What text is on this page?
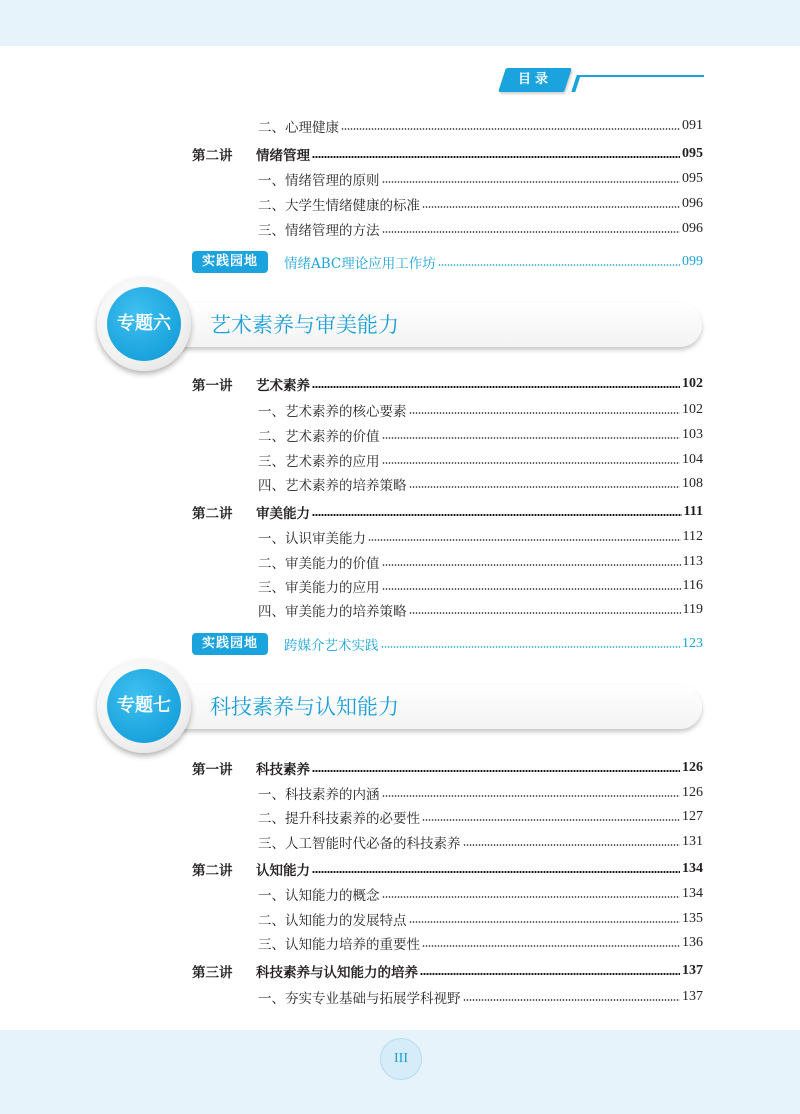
目录
二、心理健康	091
第二讲	情绪管理	095
一、情绪管理的原则	095
二、大学生情绪健康的标准	096
三、情绪管理的方法	096
实践园地	情绪ABC理论应用工作坊	099
艺术素养与审美能力
专题六
第一讲	艺术素养	102
一、艺术素养的核心要素	102
二、艺术素养的价值	103
三、艺术素养的应用	104
四、艺术素养的培养策略	108
第二讲	审美能力	111
一、认识审美能力	112
二、审美能力的价值	113
三、审美能力的应用	116
四、审美能力的培养策略	119
实践园地	跨媒介艺术实践	123
科技素养与认知能力
专题七
第一讲	科技素养	126
一、科技素养的内涵	126
二、提升科技素养的必要性	127
三、人工智能时代必备的科技素养	131
第二讲	认知能力	134
一、认知能力的概念	134
二、认知能力的发展特点	135
三、认知能力培养的重要性	136
第三讲	科技素养与认知能力的培养	137
一、夯实专业基础与拓展学科视野	137
III
